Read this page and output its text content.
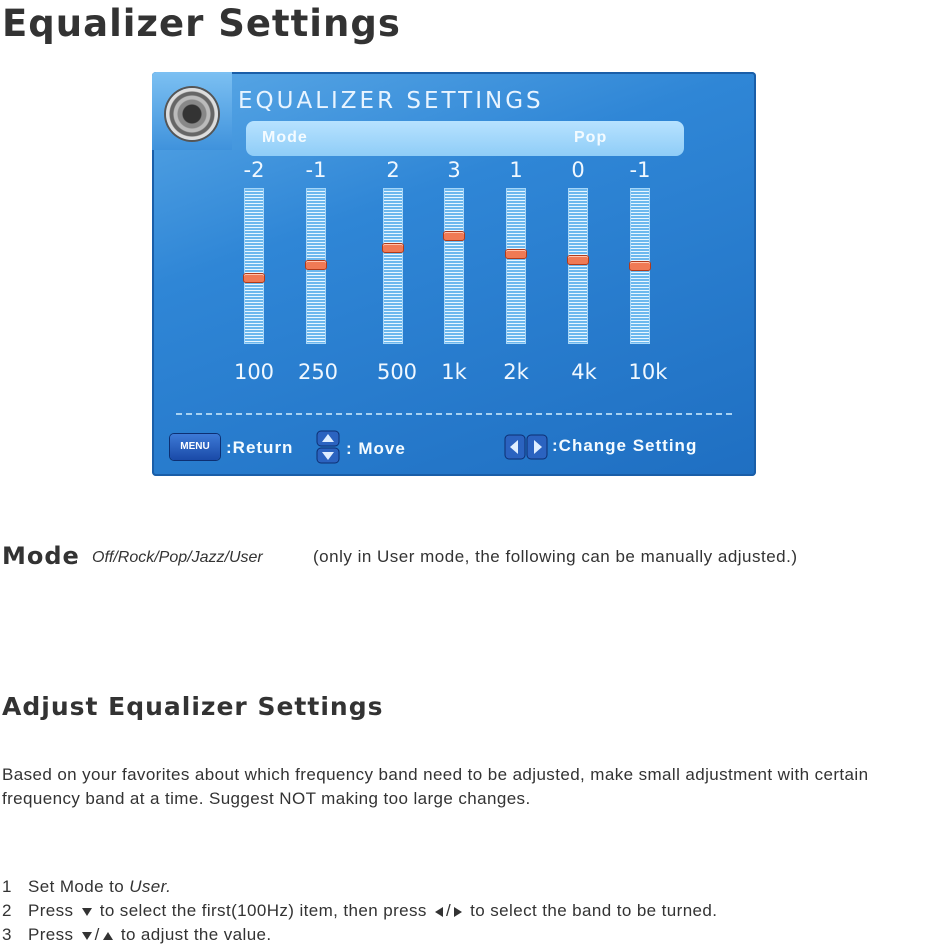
Equalizer Settings
EQUALIZER SETTINGS
Mode	Pop
-2
100
-1
250
2
500
3
1k
1
2k
0
4k
-1
10k
MENU :Return	: Move	:Change Setting
Mode Off/Rock/Pop/Jazz/User	(only in User mode, the following can be manually adjusted.)
Adjust Equalizer Settings
Based on your favorites about which frequency band need to be adjusted, make small adjustment with certain frequency band at a time. Suggest NOT making too large changes.
1 Set Mode to User.
2 Press  to select the first(100Hz) item, then press / to select the band to be turned.
3 Press / to adjust the value.
